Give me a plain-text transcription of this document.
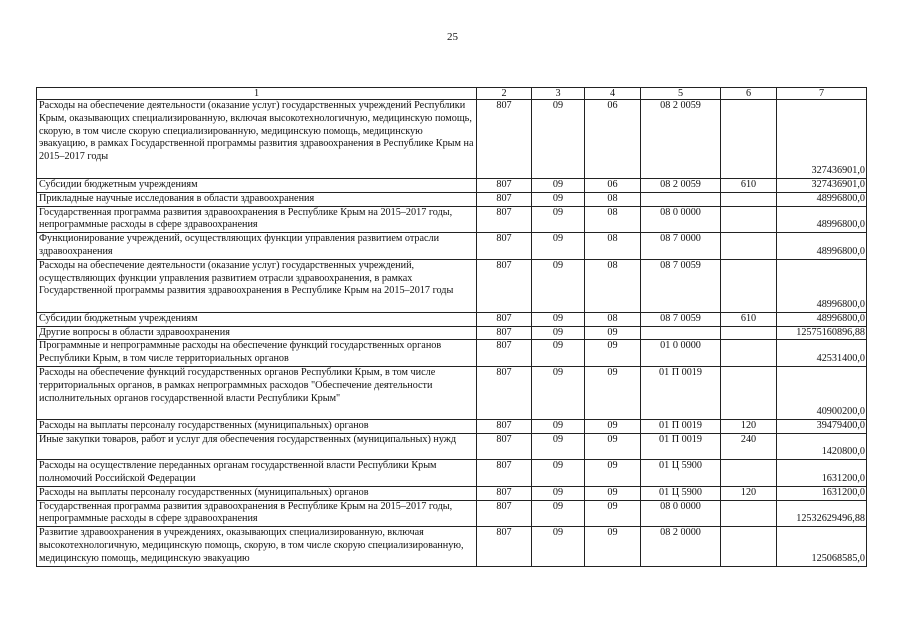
25
1	2	3	4	5	6	7
Расходы на обеспечение деятельности (оказание услуг) государственных учреждений Республики Крым, оказывающих специализированную, включая высокотехнологичную, медицинскую помощь, скорую, в том числе скорую специализированную, медицинскую помощь, медицинскую эвакуацию, в рамках Государственной программы развития здравоохранения в Республике Крым на 2015–2017 годы	807	09	06	08 2 0059		327436901,0
Субсидии бюджетным учреждениям	807	09	06	08 2 0059	610	327436901,0
Прикладные научные исследования в области здравоохранения	807	09	08			48996800,0
Государственная программа развития здравоохранения в Республике Крым на 2015–2017 годы, непрограммные расходы в сфере здравоохранения	807	09	08	08 0 0000		48996800,0
Функционирование учреждений, осуществляющих функции управления развитием отрасли здравоохранения	807	09	08	08 7 0000		48996800,0
Расходы на обеспечение деятельности (оказание услуг) государственных учреждений, осуществляющих функции управления развитием отрасли здравоохранения, в рамках Государственной программы развития здравоохранения в Республике Крым на 2015–2017 годы	807	09	08	08 7 0059		48996800,0
Субсидии бюджетным учреждениям	807	09	08	08 7 0059	610	48996800,0
Другие вопросы в области здравоохранения	807	09	09			12575160896,88
Программные и непрограммные расходы на обеспечение функций государственных органов Республики Крым, в том числе территориальных органов	807	09	09	01 0 0000		42531400,0
Расходы на обеспечение функций государственных органов Республики Крым, в том числе территориальных органов, в рамках непрограммных расходов "Обеспечение деятельности исполнительных органов государственной власти Республики Крым"	807	09	09	01 П 0019		40900200,0
Расходы на выплаты персоналу государственных (муниципальных) органов	807	09	09	01 П 0019	120	39479400,0
Иные закупки товаров, работ и услуг для обеспечения государственных (муниципальных) нужд	807	09	09	01 П 0019	240	1420800,0
Расходы на осуществление переданных органам государственной власти Республики Крым полномочий Российской Федерации	807	09	09	01 Ц 5900		1631200,0
Расходы на выплаты персоналу государственных (муниципальных) органов	807	09	09	01 Ц 5900	120	1631200,0
Государственная программа развития здравоохранения в Республике Крым на 2015–2017 годы, непрограммные расходы в сфере здравоохранения	807	09	09	08 0 0000		12532629496,88
Развитие здравоохранения в учреждениях, оказывающих специализированную, включая высокотехнологичную, медицинскую помощь, скорую, в том числе скорую специализированную, медицинскую помощь, медицинскую эвакуацию	807	09	09	08 2 0000		125068585,0
